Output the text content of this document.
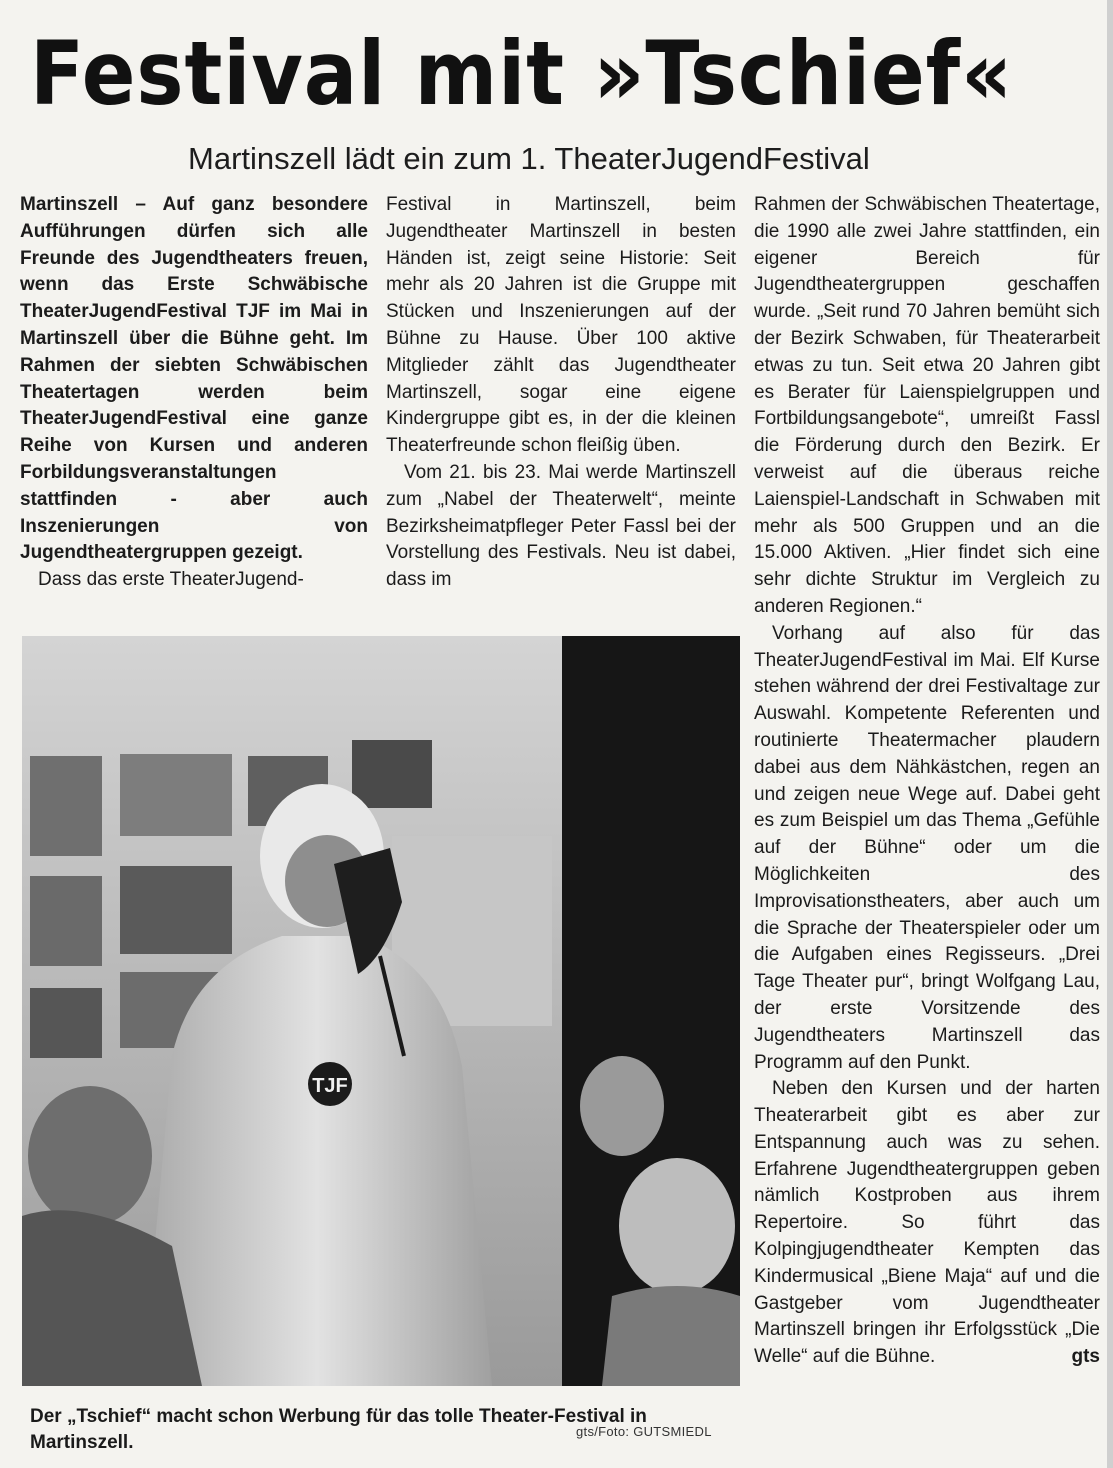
Festival mit »Tschief«
Martinszell lädt ein zum 1. TheaterJugendFestival

Martinszell – Auf ganz besondere Aufführungen dürfen sich alle Freunde des Jugendtheaters freuen, wenn das Erste Schwäbische TheaterJugendFestival TJF im Mai in Martinszell über die Bühne geht. Im Rahmen der siebten Schwäbischen Theatertagen werden beim TheaterJugendFestival eine ganze Reihe von Kursen und anderen Forbildungsveranstaltungen stattfinden - aber auch Inszenierungen von Jugendtheatergruppen gezeigt.

Dass das erste TheaterJugend-

Festival in Martinszell, beim Jugendtheater Martinszell in besten Händen ist, zeigt seine Historie: Seit mehr als 20 Jahren ist die Gruppe mit Stücken und Inszenierungen auf der Bühne zu Hause. Über 100 aktive Mitglieder zählt das Jugendtheater Martinszell, sogar eine eigene Kindergruppe gibt es, in der die kleinen Theaterfreunde schon fleißig üben.

Vom 21. bis 23. Mai werde Martinszell zum „Nabel der Theaterwelt“, meinte Bezirksheimatpfleger Peter Fassl bei der Vorstellung des Festivals. Neu ist dabei, dass im

Rahmen der Schwäbischen Theatertage, die 1990 alle zwei Jahre stattfinden, ein eigener Bereich für Jugendtheatergruppen geschaffen wurde. „Seit rund 70 Jahren bemüht sich der Bezirk Schwaben, für Theaterarbeit etwas zu tun. Seit etwa 20 Jahren gibt es Berater für Laienspielgruppen und Fortbildungsangebote“, umreißt Fassl die Förderung durch den Bezirk. Er verweist auf die überaus reiche Laienspiel-Landschaft in Schwaben mit mehr als 500 Gruppen und an die 15.000 Aktiven. „Hier findet sich eine sehr dichte Struktur im Vergleich zu anderen Regionen.“

Vorhang auf also für das TheaterJugendFestival im Mai. Elf Kurse stehen während der drei Festivaltage zur Auswahl. Kompetente Referenten und routinierte Theatermacher plaudern dabei aus dem Nähkästchen, regen an und zeigen neue Wege auf. Dabei geht es zum Beispiel um das Thema „Gefühle auf der Bühne“ oder um die Möglichkeiten des Improvisationstheaters, aber auch um die Sprache der Theaterspieler oder um die Aufgaben eines Regisseurs. „Drei Tage Theater pur“, bringt Wolfgang Lau, der erste Vorsitzende des Jugendtheaters Martinszell das Programm auf den Punkt.

Neben den Kursen und der harten Theaterarbeit gibt es aber zur Entspannung auch was zu sehen. Erfahrene Jugendtheatergruppen geben nämlich Kostproben aus ihrem Repertoire. So führt das Kolpingjugendtheater Kempten das Kindermusical „Biene Maja“ auf und die Gastgeber vom Jugendtheater Martinszell bringen ihr Erfolgsstück „Die Welle“ auf die Bühne.	gts
TJF

Der „Tschief“ macht schon Werbung für das tolle Theater-Festival in Martinszell.

gts/Foto: GUTSMIEDL
